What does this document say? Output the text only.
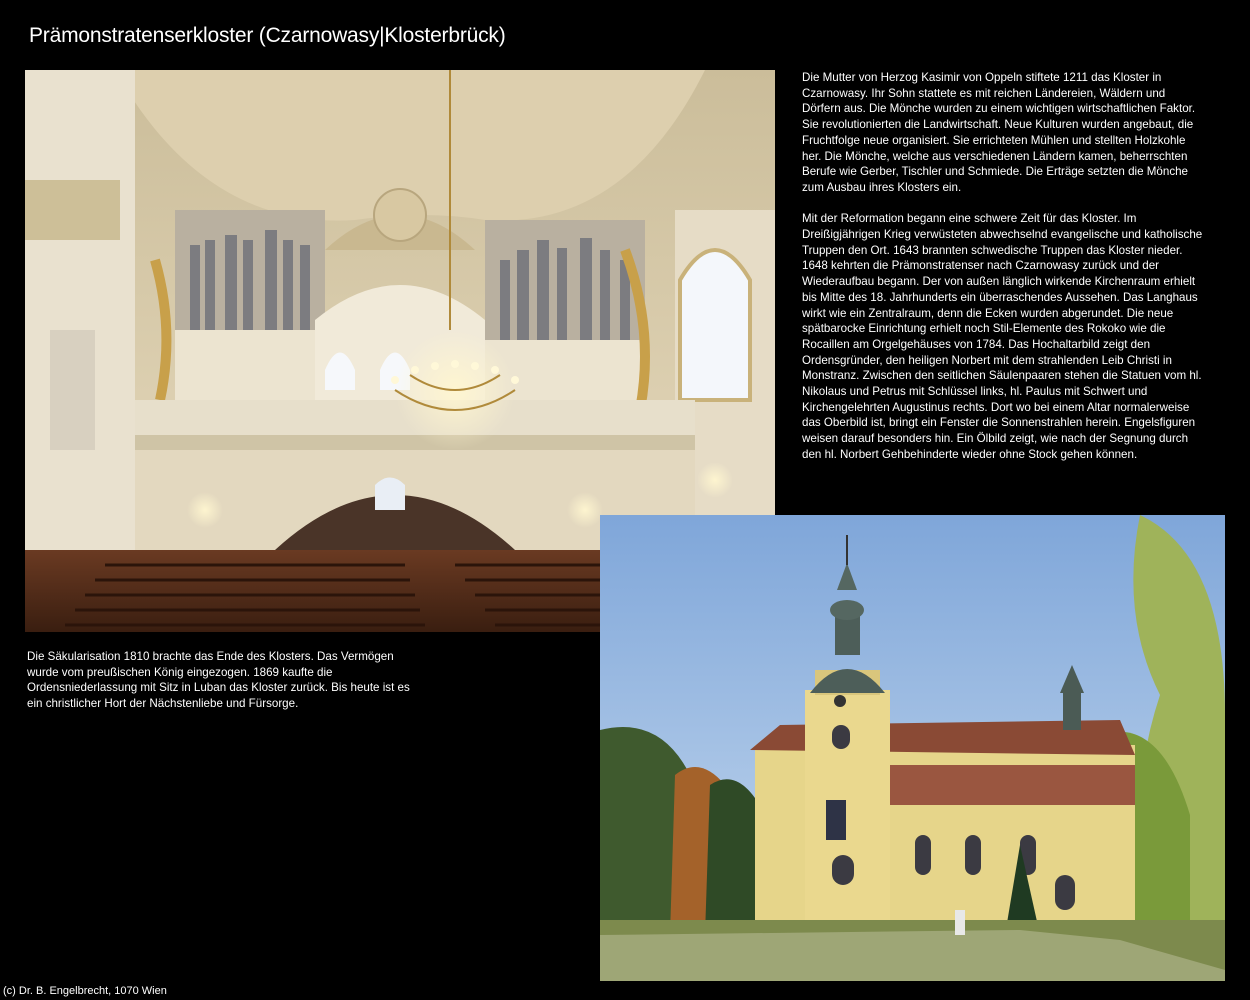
Prämonstratenserkloster (Czarnowasy|Klosterbrück)

Die Mutter von Herzog Kasimir von Oppeln stiftete 1211 das Kloster in Czarnowasy. Ihr Sohn stattete es mit reichen Ländereien, Wäldern und Dörfern aus. Die Mönche wurden zu einem wichtigen wirtschaftlichen Faktor. Sie revolutionierten die Landwirtschaft. Neue Kulturen wurden angebaut, die Fruchtfolge neue organisiert. Sie errichteten Mühlen und stellten Holzkohle her. Die Mönche, welche aus verschiedenen Ländern kamen, beherrschten Berufe wie Gerber, Tischler und Schmiede. Die Erträge setzten die Mönche zum Ausbau ihres Klosters ein.

Mit der Reformation begann eine schwere Zeit für das Kloster. Im Dreißigjährigen Krieg verwüsteten abwechselnd evangelische und katholische Truppen den Ort. 1643 brannten schwedische Truppen das Kloster nieder. 1648 kehrten die Prämonstratenser nach Czarnowasy zurück und der Wiederaufbau begann. Der von außen länglich wirkende Kirchenraum erhielt bis Mitte des 18. Jahrhunderts ein überraschendes Aussehen. Das Langhaus wirkt wie ein Zentralraum, denn die Ecken wurden abgerundet. Die neue spätbarocke Einrichtung erhielt noch Stil-Elemente des Rokoko wie die Rocaillen am Orgelgehäuses von 1784. Das Hochaltarbild zeigt den Ordensgründer, den heiligen Norbert mit dem strahlenden Leib Christi in Monstranz. Zwischen den seitlichen Säulenpaaren stehen die Statuen vom hl. Nikolaus und Petrus mit Schlüssel links, hl. Paulus mit Schwert und Kirchengelehrten Augustinus rechts. Dort wo bei einem Altar normalerweise das Oberbild ist, bringt ein Fenster die Sonnenstrahlen herein. Engelsfiguren weisen darauf besonders hin. Ein Ölbild zeigt, wie nach der Segnung durch den hl. Norbert Gehbehinderte wieder ohne Stock gehen können.

Die Säkularisation 1810 brachte das Ende des Klosters. Das Vermögen wurde vom preußischen König eingezogen. 1869 kaufte die Ordensniederlassung mit Sitz in Luban das Kloster zurück. Bis heute ist es ein christlicher Hort der Nächstenliebe und Fürsorge.

(c) Dr. B. Engelbrecht, 1070 Wien
